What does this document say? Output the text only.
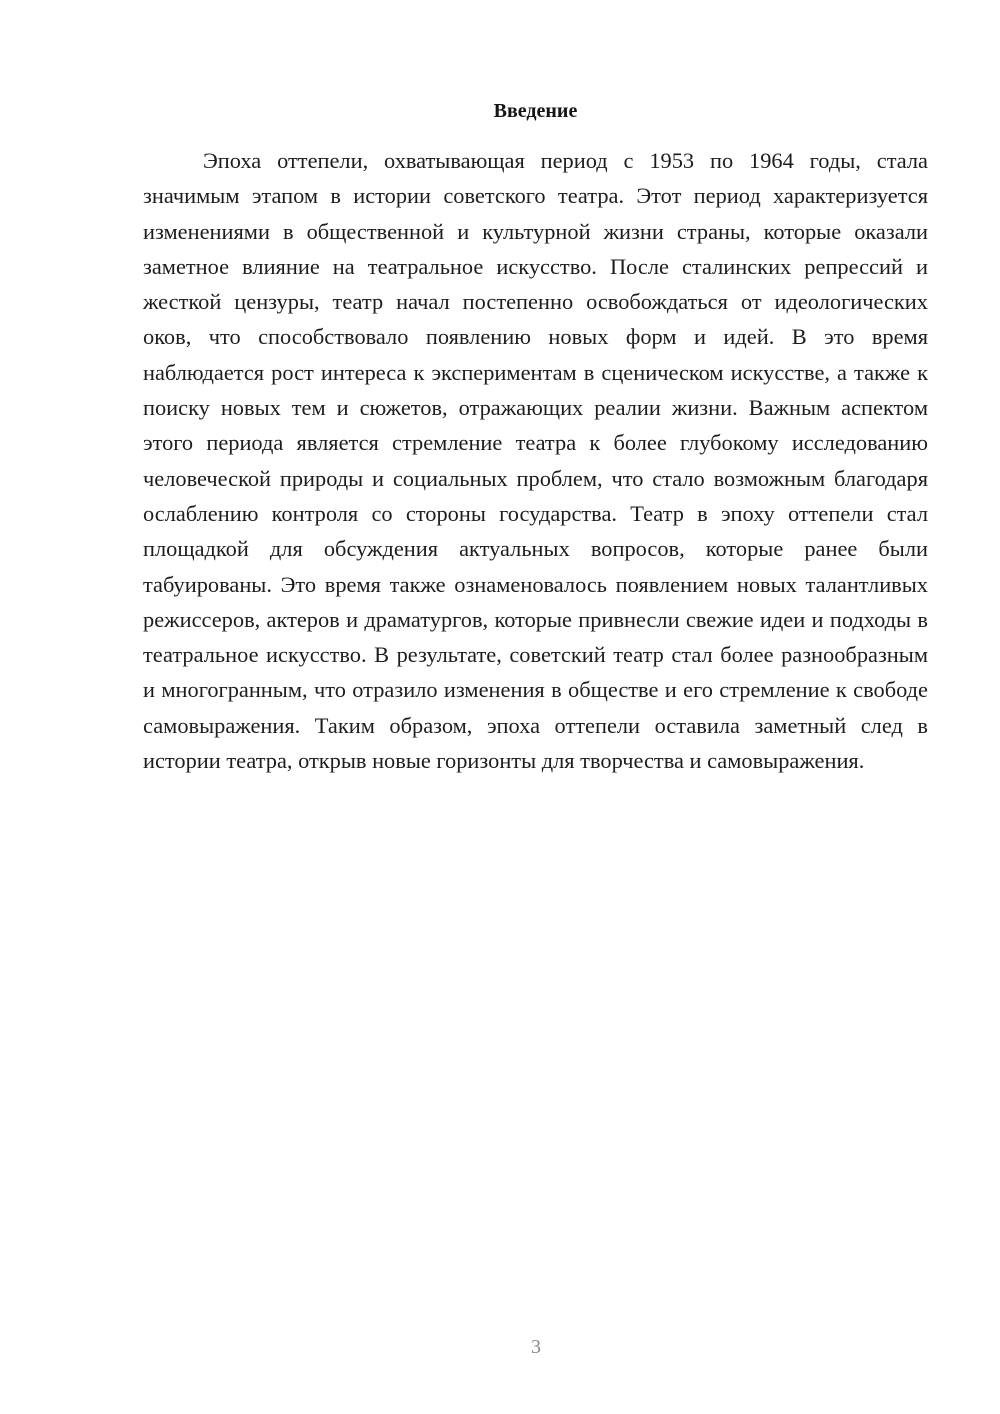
Введение

Эпоха оттепели, охватывающая период с 1953 по 1964 годы, стала значимым этапом в истории советского театра. Этот период характеризуется изменениями в общественной и культурной жизни страны, которые оказали заметное влияние на театральное искусство. После сталинских репрессий и жесткой цензуры, театр начал постепенно освобождаться от идеологических оков, что способствовало появлению новых форм и идей. В это время наблюдается рост интереса к экспериментам в сценическом искусстве, а также к поиску новых тем и сюжетов, отражающих реалии жизни. Важным аспектом этого периода является стремление театра к более глубокому исследованию человеческой природы и социальных проблем, что стало возможным благодаря ослаблению контроля со стороны государства. Театр в эпоху оттепели стал площадкой для обсуждения актуальных вопросов, которые ранее были табуированы. Это время также ознаменовалось появлением новых талантливых режиссеров, актеров и драматургов, которые привнесли свежие идеи и подходы в театральное искусство. В результате, советский театр стал более разнообразным и многогранным, что отразило изменения в обществе и его стремление к свободе самовыражения. Таким образом, эпоха оттепели оставила заметный след в истории театра, открыв новые горизонты для творчества и самовыражения.

3
